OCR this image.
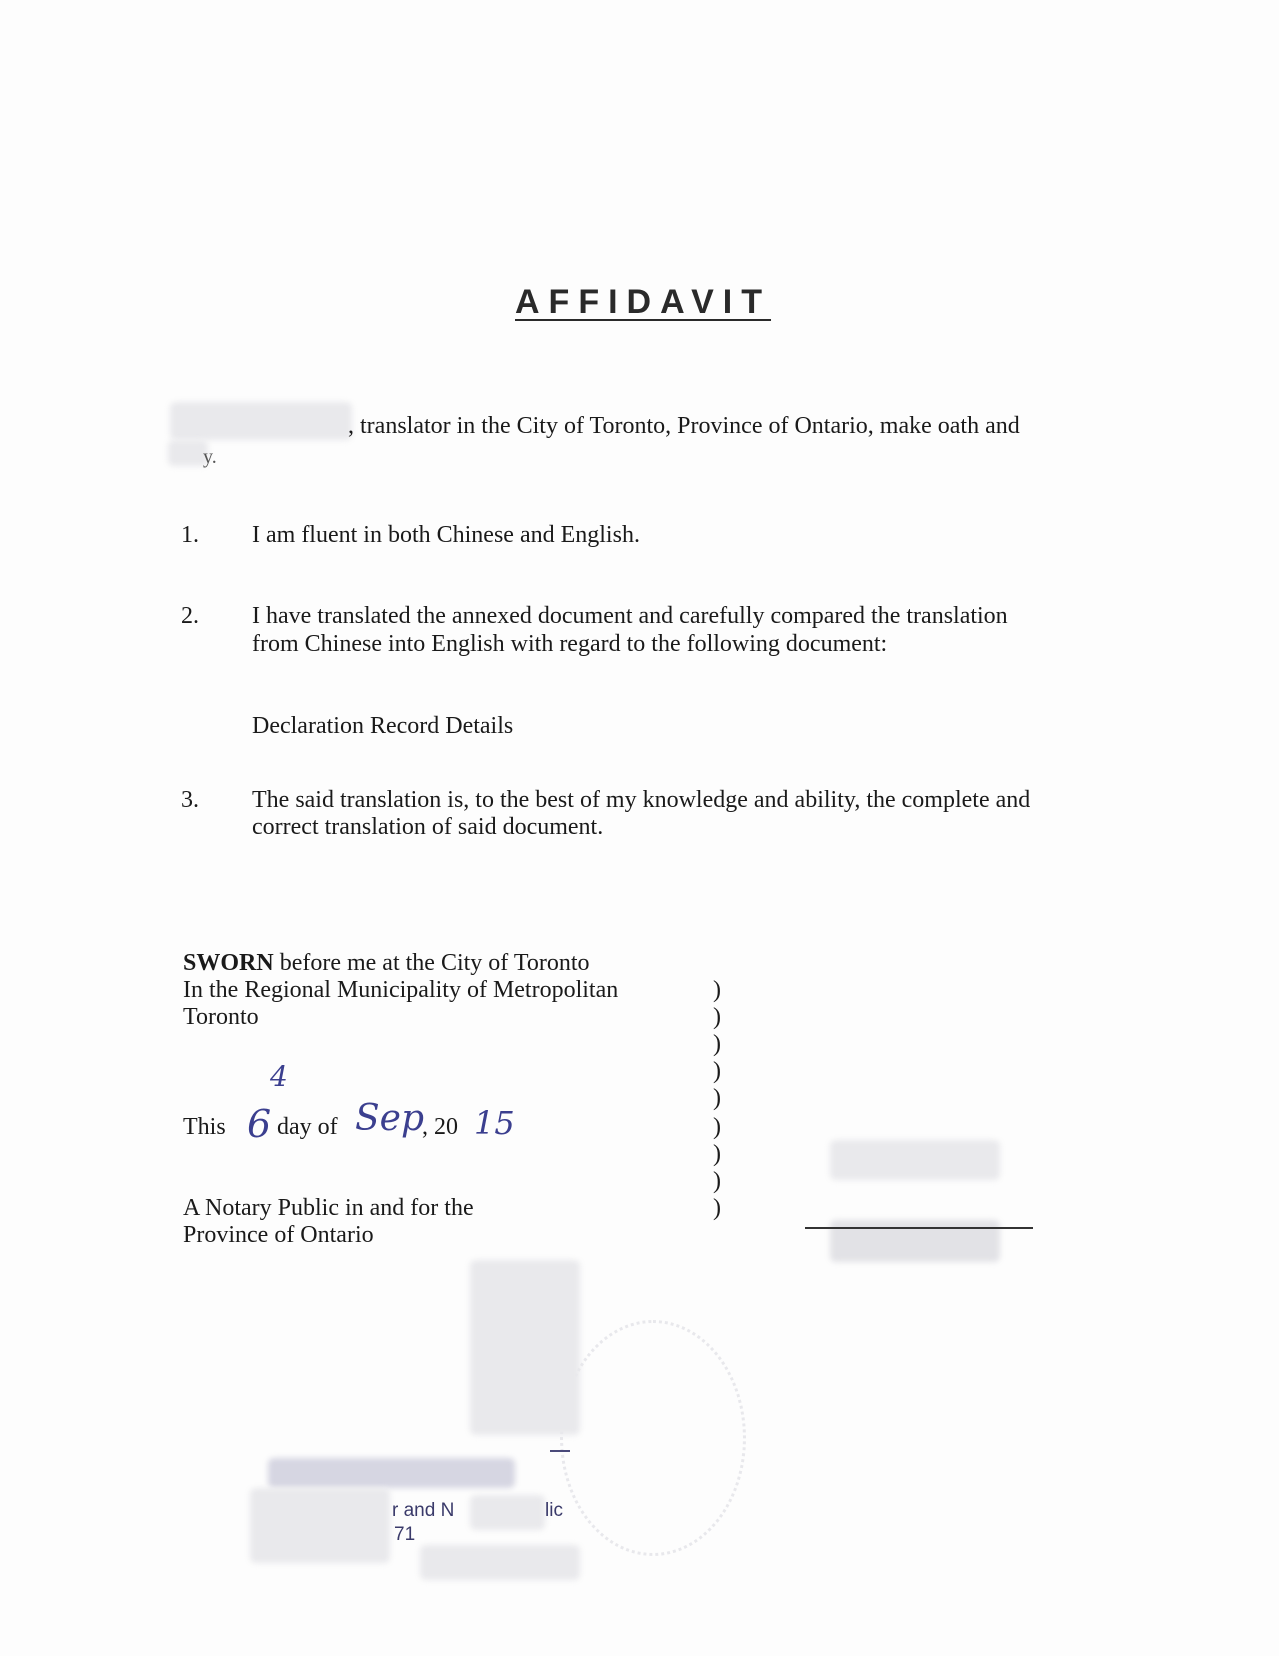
AFFIDAVIT
, translator in the City of Toronto, Province of Ontario, make oath and
y.
1. I am fluent in both Chinese and English.
2. I have translated the annexed document and carefully compared the translation
from Chinese into English with regard to the following document:
Declaration Record Details
3. The said translation is, to the best of my knowledge and ability, the complete and
correct translation of said document.
SWORN before me at the City of Toronto
In the Regional Municipality of Metropolitan
Toronto
This
4
6 day of Sep
, 20 15
A Notary Public in and for the
Province of Ontario
)
)
)
)
)
)
)
)
)
r and N	lic
71
